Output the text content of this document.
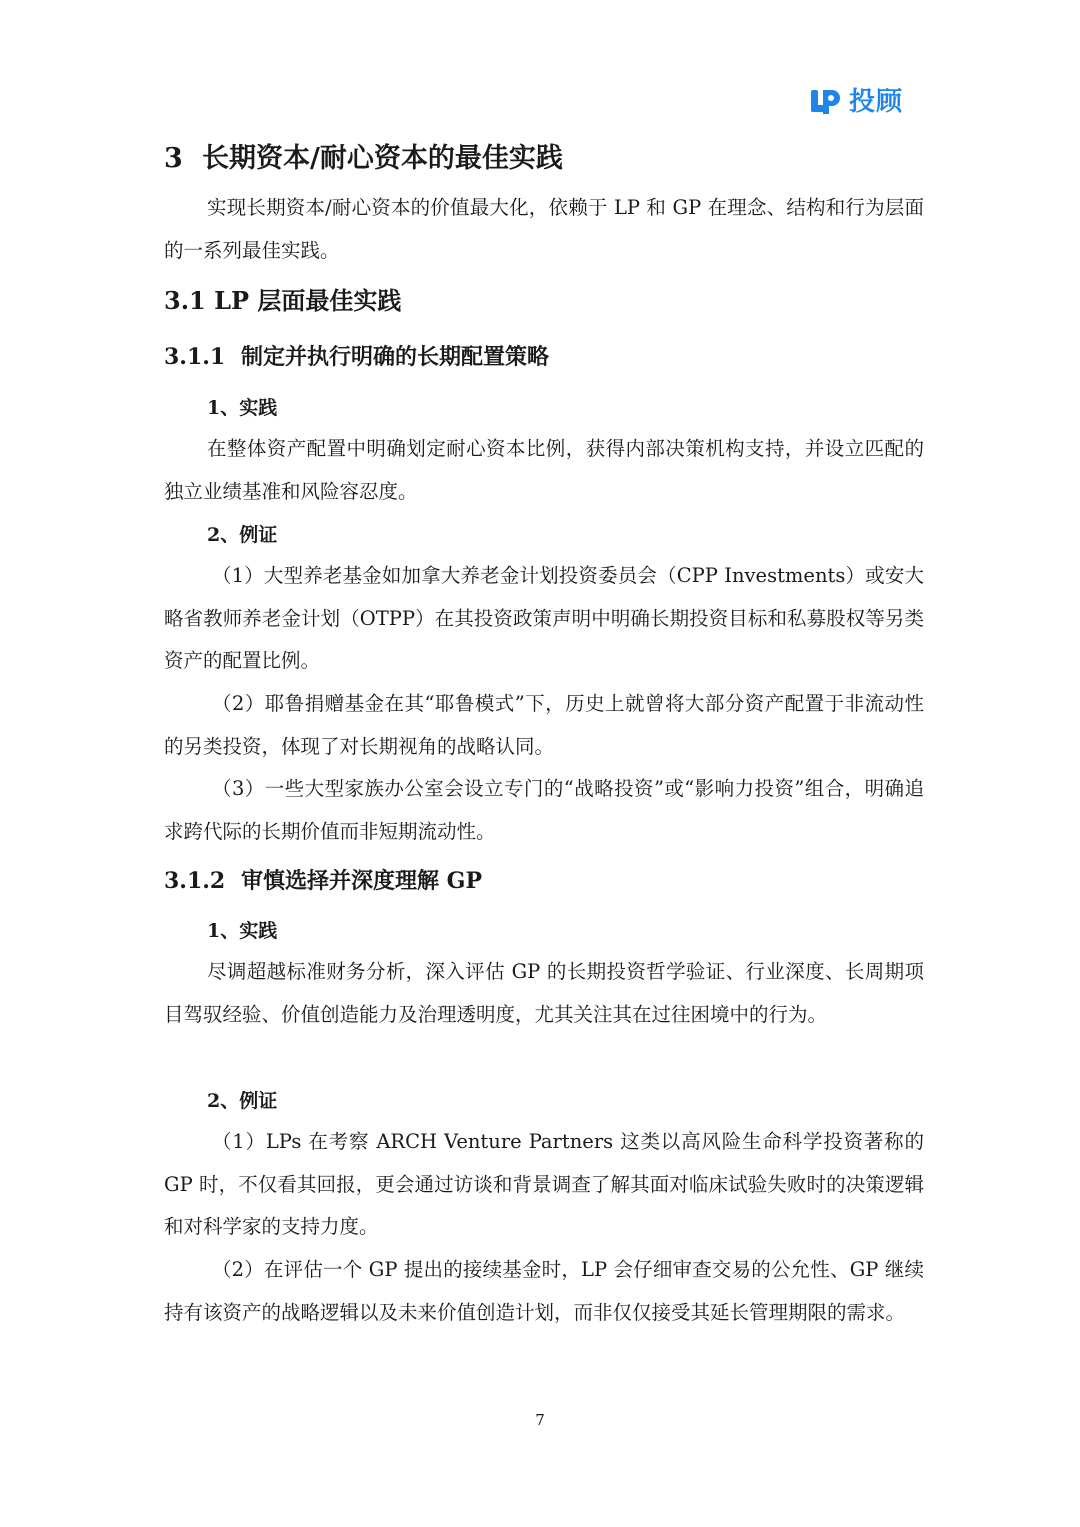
投顾
3 长期资本/耐心资本的最佳实践
实现长期资本/耐心资本的价值最大化，依赖于 LP 和 GP 在理念、结构和行为层面的一系列最佳实践。
3.1 LP 层面最佳实践
3.1.1 制定并执行明确的长期配置策略
1、实践
在整体资产配置中明确划定耐心资本比例，获得内部决策机构支持，并设立匹配的独立业绩基准和风险容忍度。
2、例证
（1）大型养老基金如加拿大养老金计划投资委员会（CPP Investments）或安大略省教师养老金计划（OTPP）在其投资政策声明中明确长期投资目标和私募股权等另类资产的配置比例。
（2）耶鲁捐赠基金在其“耶鲁模式”下，历史上就曾将大部分资产配置于非流动性的另类投资，体现了对长期视角的战略认同。
（3）一些大型家族办公室会设立专门的“战略投资”或“影响力投资”组合，明确追求跨代际的长期价值而非短期流动性。
3.1.2 审慎选择并深度理解 GP
1、实践
尽调超越标准财务分析，深入评估 GP 的长期投资哲学验证、行业深度、长周期项目驾驭经验、价值创造能力及治理透明度，尤其关注其在过往困境中的行为。
2、例证
（1）LPs 在考察 ARCH Venture Partners 这类以高风险生命科学投资著称的 GP 时，不仅看其回报，更会通过访谈和背景调查了解其面对临床试验失败时的决策逻辑和对科学家的支持力度。
（2）在评估一个 GP 提出的接续基金时，LP 会仔细审查交易的公允性、GP 继续持有该资产的战略逻辑以及未来价值创造计划，而非仅仅接受其延长管理期限的需求。
7
